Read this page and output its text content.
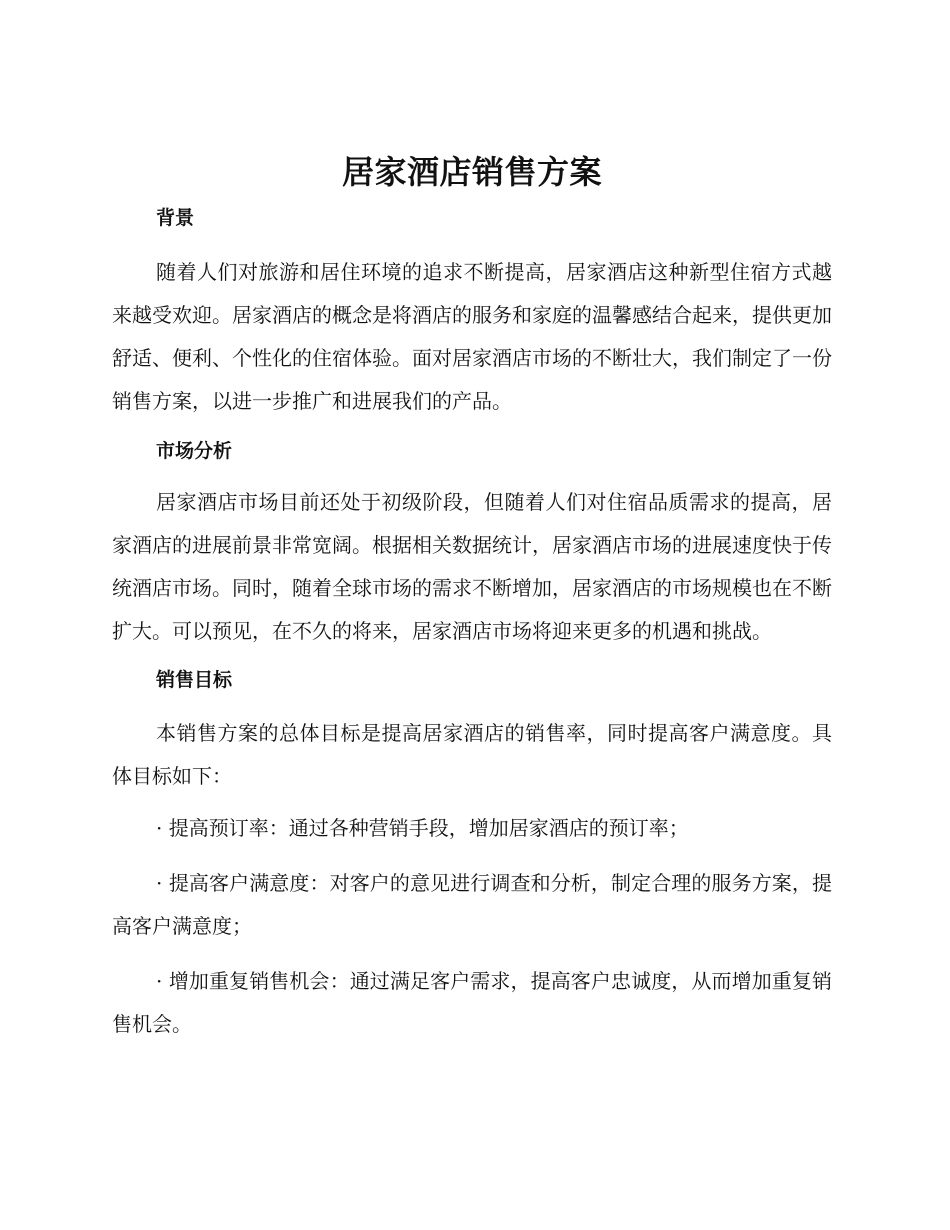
居家酒店销售方案
背景

随着人们对旅游和居住环境的追求不断提高，居家酒店这种新型住宿方式越来越受欢迎。居家酒店的概念是将酒店的服务和家庭的温馨感结合起来，提供更加舒适、便利、个性化的住宿体验。面对居家酒店市场的不断壮大，我们制定了一份销售方案，以进一步推广和进展我们的产品。

市场分析

居家酒店市场目前还处于初级阶段，但随着人们对住宿品质需求的提高，居家酒店的进展前景非常宽阔。根据相关数据统计，居家酒店市场的进展速度快于传统酒店市场。同时，随着全球市场的需求不断增加，居家酒店的市场规模也在不断扩大。可以预见，在不久的将来，居家酒店市场将迎来更多的机遇和挑战。

销售目标

本销售方案的总体目标是提高居家酒店的销售率，同时提高客户满意度。具体目标如下：

· 提高预订率：通过各种营销手段，增加居家酒店的预订率；

· 提高客户满意度：对客户的意见进行调查和分析，制定合理的服务方案，提高客户满意度；

· 增加重复销售机会：通过满足客户需求，提高客户忠诚度，从而增加重复销售机会。
